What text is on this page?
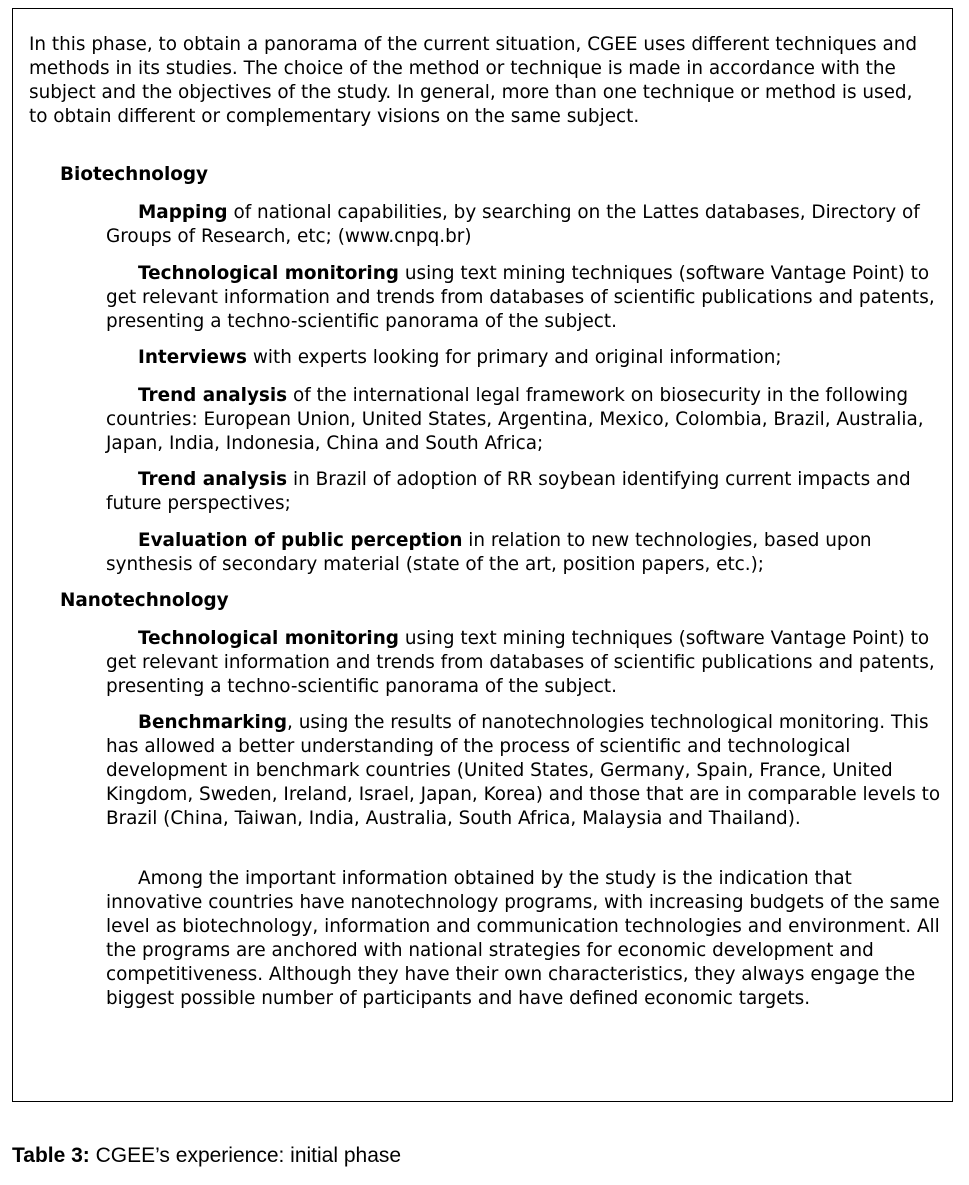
In this phase, to obtain a panorama of the current situation, CGEE uses different techniques and methods in its studies. The choice of the method or technique is made in accordance with the subject and the objectives of the study. In general, more than one technique or method is used, to obtain different or complementary visions on the same subject.

Biotechnology

Mapping of national capabilities, by searching on the Lattes databases, Directory of Groups of Research, etc; (www.cnpq.br)

Technological monitoring using text mining techniques (software Vantage Point) to get relevant information and trends from databases of scientific publications and patents, presenting a techno-scientific panorama of the subject.

Interviews with experts looking for primary and original information;

Trend analysis of the international legal framework on biosecurity in the following countries: European Union, United States, Argentina, Mexico, Colombia, Brazil, Australia, Japan, India, Indonesia, China and South Africa;

Trend analysis in Brazil of adoption of RR soybean identifying current impacts and future perspectives;

Evaluation of public perception in relation to new technologies, based upon synthesis of secondary material (state of the art, position papers, etc.);

Nanotechnology

Technological monitoring using text mining techniques (software Vantage Point) to get relevant information and trends from databases of scientific publications and patents, presenting a techno-scientific panorama of the subject.

Benchmarking, using the results of nanotechnologies technological monitoring. This has allowed a better understanding of the process of scientific and technological development in benchmark countries (United States, Germany, Spain, France, United Kingdom, Sweden, Ireland, Israel, Japan, Korea) and those that are in comparable levels to Brazil (China, Taiwan, India, Australia, South Africa, Malaysia and Thailand).

Among the important information obtained by the study is the indication that innovative countries have nanotechnology programs, with increasing budgets of the same level as biotechnology, information and communication technologies and environment. All the programs are anchored with national strategies for economic development and competitiveness. Although they have their own characteristics, they always engage the biggest possible number of participants and have defined economic targets.

Table 3: CGEE’s experience: initial phase
